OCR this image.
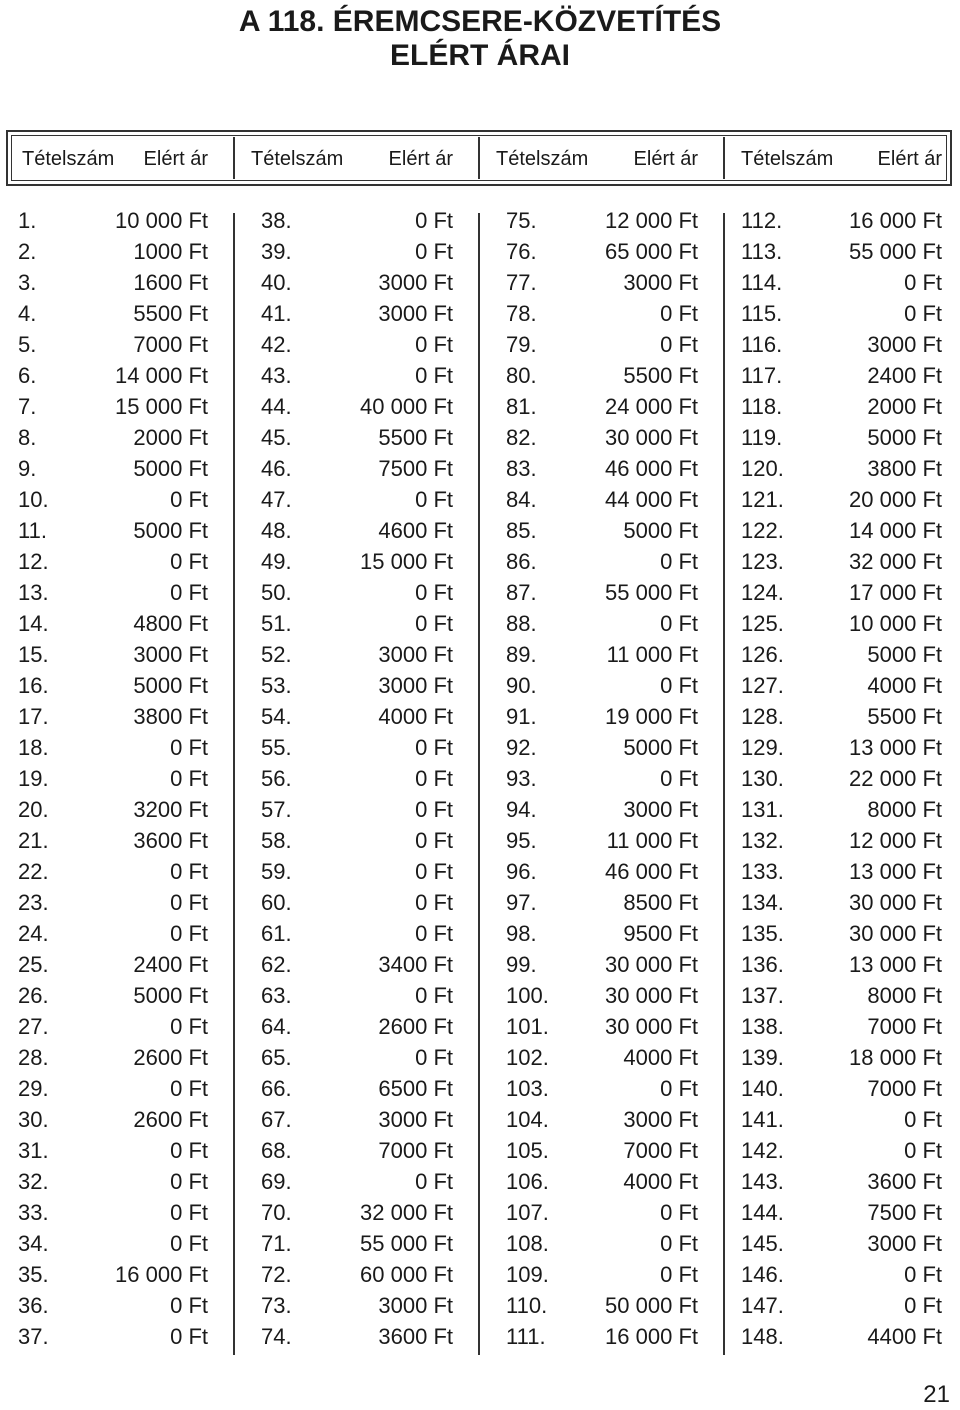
A 118. ÉREMCSERE-KÖZVETÍTÉS
ELÉRT ÁRAI
Tételszám Elért ár Tételszám Elért ár Tételszám Elért ár Tételszám Elért ár
1.	10 000 Ft
2.	1000 Ft
3.	1600 Ft
4.	5500 Ft
5.	7000 Ft
6.	14 000 Ft
7.	15 000 Ft
8.	2000 Ft
9.	5000 Ft
10.	0 Ft
11.	5000 Ft
12.	0 Ft
13.	0 Ft
14.	4800 Ft
15.	3000 Ft
16.	5000 Ft
17.	3800 Ft
18.	0 Ft
19.	0 Ft
20.	3200 Ft
21.	3600 Ft
22.	0 Ft
23.	0 Ft
24.	0 Ft
25.	2400 Ft
26.	5000 Ft
27.	0 Ft
28.	2600 Ft
29.	0 Ft
30.	2600 Ft
31.	0 Ft
32.	0 Ft
33.	0 Ft
34.	0 Ft
35.	16 000 Ft
36.	0 Ft
37.	0 Ft
38.	0 Ft
39.	0 Ft
40.	3000 Ft
41.	3000 Ft
42.	0 Ft
43.	0 Ft
44.	40 000 Ft
45.	5500 Ft
46.	7500 Ft
47.	0 Ft
48.	4600 Ft
49.	15 000 Ft
50.	0 Ft
51.	0 Ft
52.	3000 Ft
53.	3000 Ft
54.	4000 Ft
55.	0 Ft
56.	0 Ft
57.	0 Ft
58.	0 Ft
59.	0 Ft
60.	0 Ft
61.	0 Ft
62.	3400 Ft
63.	0 Ft
64.	2600 Ft
65.	0 Ft
66.	6500 Ft
67.	3000 Ft
68.	7000 Ft
69.	0 Ft
70.	32 000 Ft
71.	55 000 Ft
72.	60 000 Ft
73.	3000 Ft
74.	3600 Ft
75.	12 000 Ft
76.	65 000 Ft
77.	3000 Ft
78.	0 Ft
79.	0 Ft
80.	5500 Ft
81.	24 000 Ft
82.	30 000 Ft
83.	46 000 Ft
84.	44 000 Ft
85.	5000 Ft
86.	0 Ft
87.	55 000 Ft
88.	0 Ft
89.	11 000 Ft
90.	0 Ft
91.	19 000 Ft
92.	5000 Ft
93.	0 Ft
94.	3000 Ft
95.	11 000 Ft
96.	46 000 Ft
97.	8500 Ft
98.	9500 Ft
99.	30 000 Ft
100.	30 000 Ft
101.	30 000 Ft
102.	4000 Ft
103.	0 Ft
104.	3000 Ft
105.	7000 Ft
106.	4000 Ft
107.	0 Ft
108.	0 Ft
109.	0 Ft
110.	50 000 Ft
111.	16 000 Ft
112.	16 000 Ft
113.	55 000 Ft
114.	0 Ft
115.	0 Ft
116.	3000 Ft
117.	2400 Ft
118.	2000 Ft
119.	5000 Ft
120.	3800 Ft
121.	20 000 Ft
122.	14 000 Ft
123.	32 000 Ft
124.	17 000 Ft
125.	10 000 Ft
126.	5000 Ft
127.	4000 Ft
128.	5500 Ft
129.	13 000 Ft
130.	22 000 Ft
131.	8000 Ft
132.	12 000 Ft
133.	13 000 Ft
134.	30 000 Ft
135.	30 000 Ft
136.	13 000 Ft
137.	8000 Ft
138.	7000 Ft
139.	18 000 Ft
140.	7000 Ft
141.	0 Ft
142.	0 Ft
143.	3600 Ft
144.	7500 Ft
145.	3000 Ft
146.	0 Ft
147.	0 Ft
148.	4400 Ft
21
